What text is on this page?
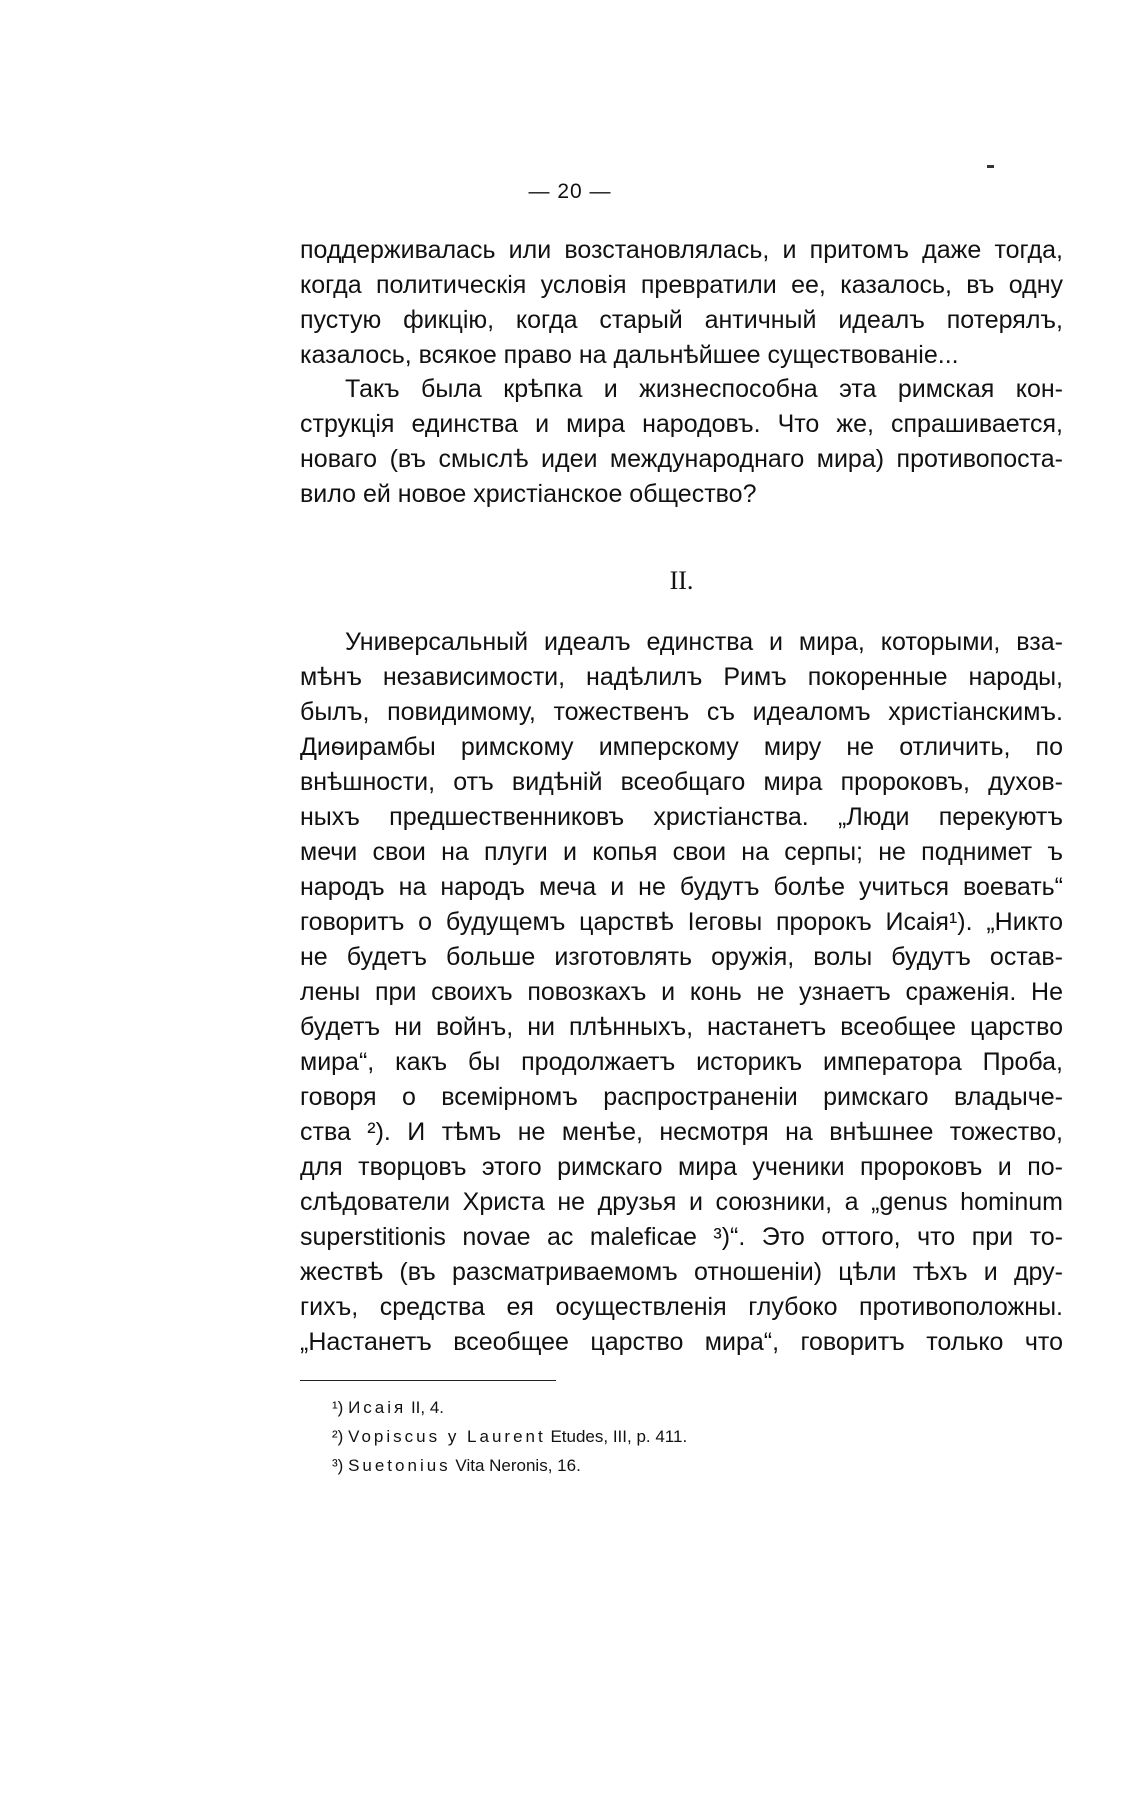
— 20 —
поддерживалась или возстановлялась, и притомъ даже тогда,
когда политическія условія превратили ее, казалось, въ одну
пустую фикцію, когда старый античный идеалъ потерялъ,
казалось, всякое право на дальнѣйшее существованіе...
Такъ была крѣпка и жизнеспособна эта римская кон-
струкція единства и мира народовъ. Что же, спрашивается,
новаго (въ смыслѣ идеи международнаго мира) противопоста-
вило ей новое христіанское общество?
II.
Универсальный идеалъ единства и мира, которыми, вза-
мѣнъ независимости, надѣлилъ Римъ покоренные народы,
былъ, повидимому, тожественъ съ идеаломъ христіанскимъ.
Диѳирамбы римскому имперскому миру не отличить, по
внѣшности, отъ видѣній всеобщаго мира пророковъ, духов-
ныхъ предшественниковъ христіанства. „Люди перекуютъ
мечи свои на плуги и копья свои на серпы; не поднимет ъ
народъ на народъ меча и не будутъ болѣе учиться воевать“
говоритъ о будущемъ царствѣ Іеговы пророкъ Исаія¹). „Никто
не будетъ больше изготовлять оружія, волы будутъ остав-
лены при своихъ повозкахъ и конь не узнаетъ сраженія. Не
будетъ ни войнъ, ни плѣнныхъ, настанетъ всеобщее царство
мира“, какъ бы продолжаетъ историкъ императора Проба,
говоря о всемірномъ распространеніи римскаго владыче-
ства ²). И тѣмъ не менѣе, несмотря на внѣшнее тожество,
для творцовъ этого римскаго мира ученики пророковъ и по-
слѣдователи Христа не друзья и союзники, а „genus hominum
superstitionis novae ac maleficae ³)“. Это оттого, что при то-
жествѣ (въ разсматриваемомъ отношеніи) цѣли тѣхъ и дру-
гихъ, средства ея осуществленія глубоко противоположны.
„Настанетъ всеобщее царство мира“, говоритъ только что
¹) Исаія II, 4.
²) Vopiscus y Laurent Etudes, III, p. 411.
³) Suetonius Vita Neronis, 16.
